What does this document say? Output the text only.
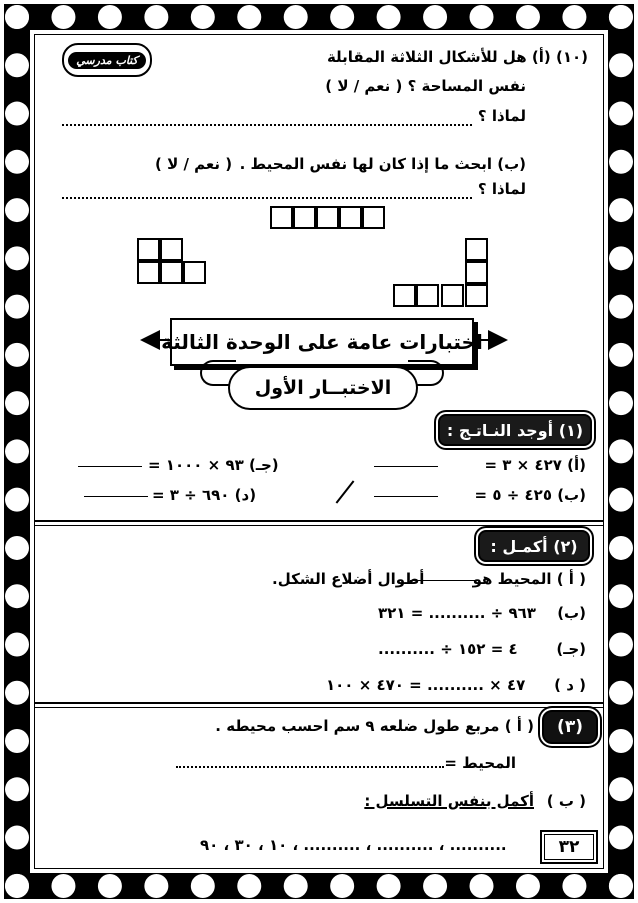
كتاب مدرسي	(١٠) (أ) هل للأشكال الثلاثة المقابلة
نفس المساحة ؟ ( نعم / لا )
لماذا ؟
(ب) ابحث ما إذا كان لها نفس المحيط .
( نعم / لا )
لماذا ؟
اختبارات عامة على الوحدة الثالثة
الاختبــار الأول
(١) أوجد النـاتـج :
(أ) ٤٢٧ × ٣ =
(جـ) ٩٣ × ١٠٠٠ =
(ب) ٤٢٥ ÷ ٥ =
(د) ٦٩٠ ÷ ٣ =
(٢) أكمـل :
( أ ) المحيط هو
أطوال أضلاع الشكل.
(ب)
٩٦٣ ÷ .......... = ٣٢١
(جـ)
.......... ÷ ٤ = ١٥٢
( د )
٤٧ × .......... = ٤٧٠ × ١٠٠
(٣)
( أ ) مربع طول ضلعه ٩ سم احسب محيطه .
المحيط =
( ب )
أكمل بنفس التسلسل :
١٠ ، ٣٠ ، ٩٠ ، .......... ، .......... ، ..........	٣٢
